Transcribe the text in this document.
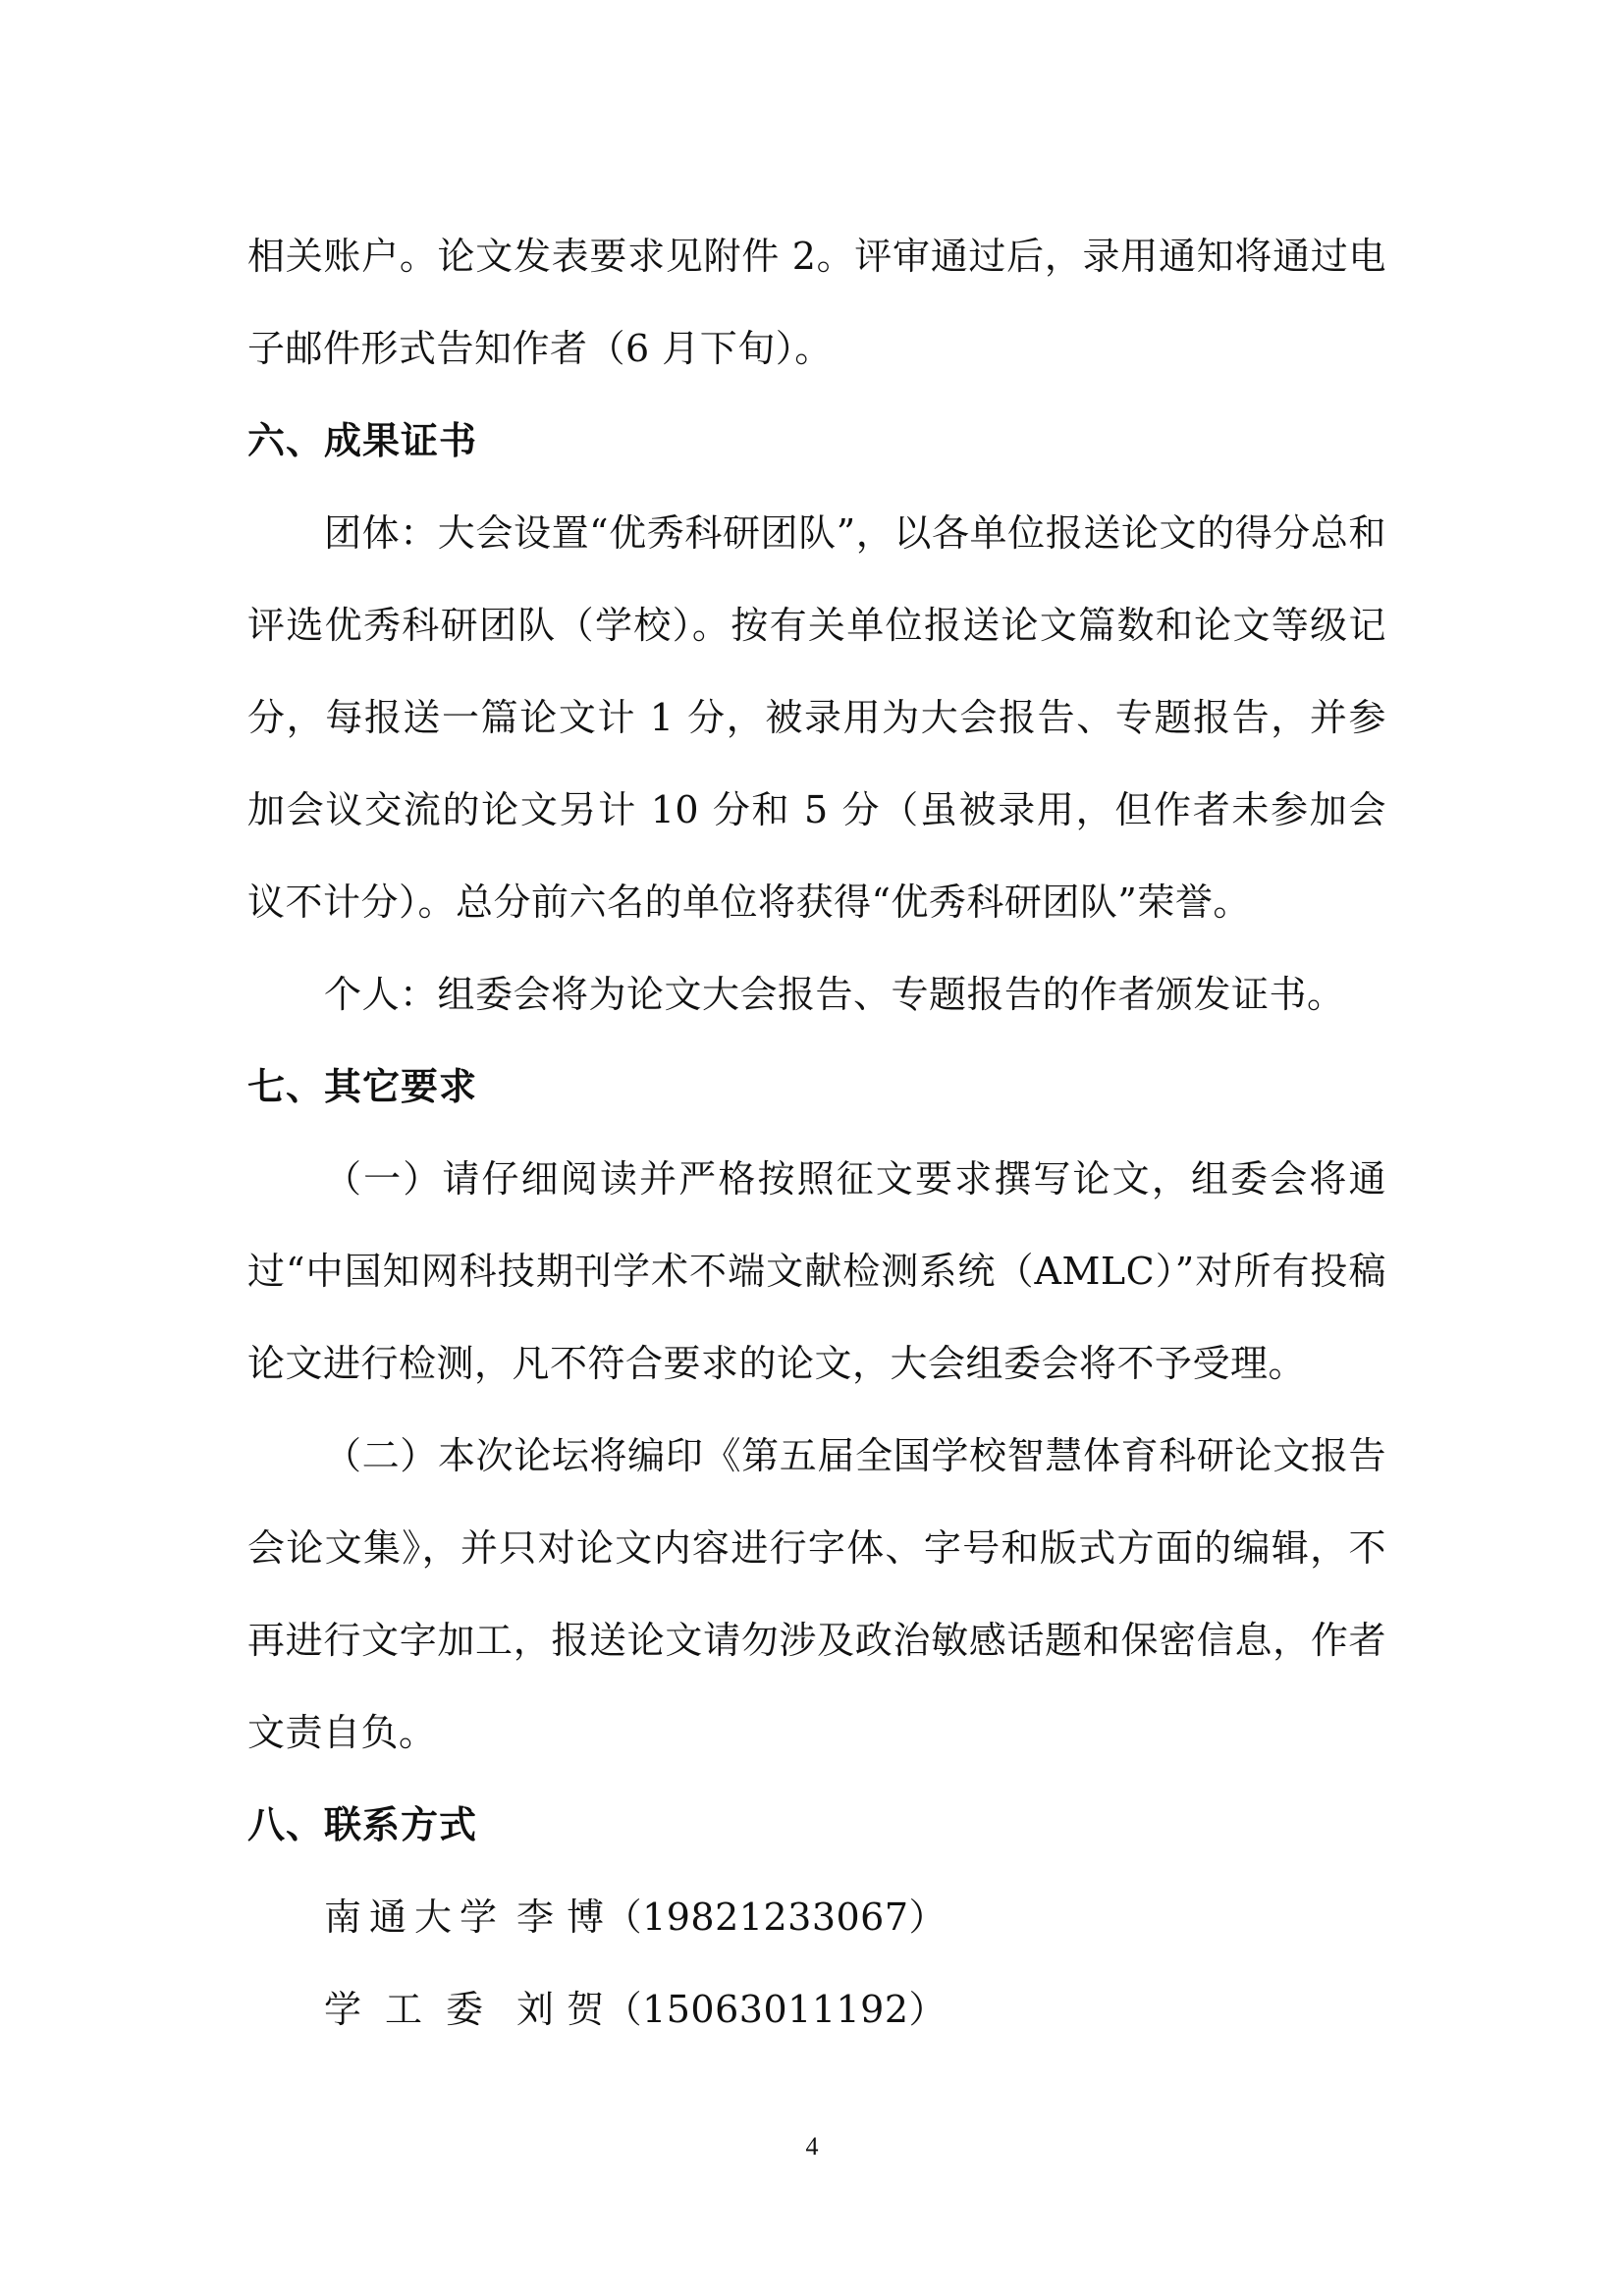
相关账户。论文发表要求见附件 2。评审通过后，录用通知将通过电子邮件形式告知作者（6 月下旬）。

六、成果证书

团体：大会设置“优秀科研团队”，以各单位报送论文的得分总和评选优秀科研团队（学校）。按有关单位报送论文篇数和论文等级记分，每报送一篇论文计 1 分，被录用为大会报告、专题报告，并参加会议交流的论文另计 10 分和 5 分（虽被录用，但作者未参加会议不计分）。总分前六名的单位将获得“优秀科研团队”荣誉。

个人：组委会将为论文大会报告、专题报告的作者颁发证书。

七、其它要求

（一）请仔细阅读并严格按照征文要求撰写论文，组委会将通过“中国知网科技期刊学术不端文献检测系统（AMLC）”对所有投稿论文进行检测，凡不符合要求的论文，大会组委会将不予受理。

（二）本次论坛将编印《第五届全国学校智慧体育科研论文报告会论文集》，并只对论文内容进行字体、字号和版式方面的编辑，不再进行文字加工，报送论文请勿涉及政治敏感话题和保密信息，作者文责自负。

八、联系方式

南通大学 李 博（19821233067）

学工委 刘 贺（15063011192）

4
